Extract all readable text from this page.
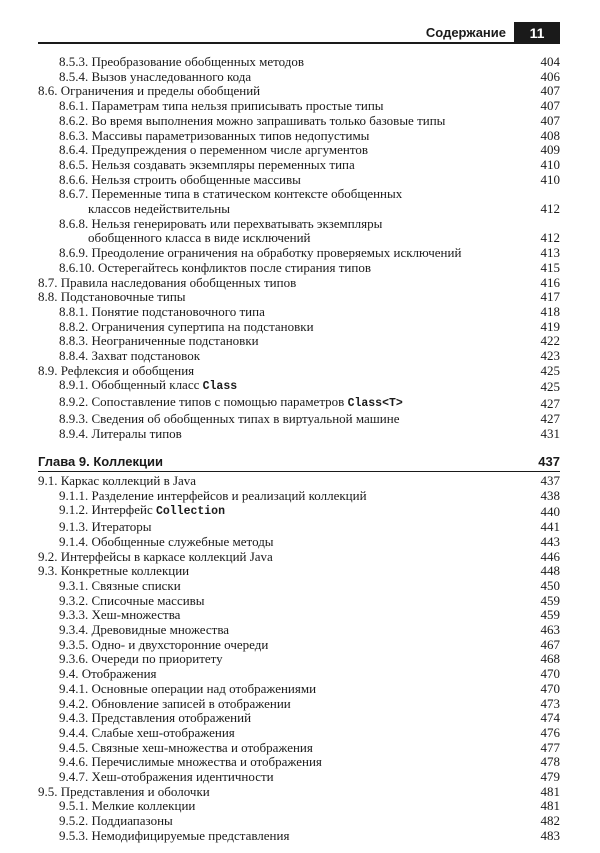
Содержание	11
8.5.3. Преобразование обобщенных методов	404
8.5.4. Вызов унаследованного кода	406
8.6. Ограничения и пределы обобщений	407
8.6.1. Параметрам типа нельзя приписывать простые типы	407
8.6.2. Во время выполнения можно запрашивать только базовые типы	407
8.6.3. Массивы параметризованных типов недопустимы	408
8.6.4. Предупреждения о переменном числе аргументов	409
8.6.5. Нельзя создавать экземпляры переменных типа	410
8.6.6. Нельзя строить обобщенные массивы	410
8.6.7. Переменные типа в статическом контексте обобщенных
классов недействительны	412
8.6.8. Нельзя генерировать или перехватывать экземпляры
обобщенного класса в виде исключений	412
8.6.9. Преодоление ограничения на обработку проверяемых исключений	413
8.6.10. Остерегайтесь конфликтов после стирания типов	415
8.7. Правила наследования обобщенных типов	416
8.8. Подстановочные типы	417
8.8.1. Понятие подстановочного типа	418
8.8.2. Ограничения супертипа на подстановки	419
8.8.3. Неограниченные подстановки	422
8.8.4. Захват подстановок	423
8.9. Рефлексия и обобщения	425
8.9.1. Обобщенный класс Class	425
8.9.2. Сопоставление типов с помощью параметров Class<T>	427
8.9.3. Сведения об обобщенных типах в виртуальной машине	427
8.9.4. Литералы типов	431
Глава 9. Коллекции	437
9.1. Каркас коллекций в Java	437
9.1.1. Разделение интерфейсов и реализаций коллекций	438
9.1.2. Интерфейс Collection	440
9.1.3. Итераторы	441
9.1.4. Обобщенные служебные методы	443
9.2. Интерфейсы в каркасе коллекций Java	446
9.3. Конкретные коллекции	448
9.3.1. Связные списки	450
9.3.2. Списочные массивы	459
9.3.3. Хеш-множества	459
9.3.4. Древовидные множества	463
9.3.5. Одно- и двухсторонние очереди	467
9.3.6. Очереди по приоритету	468
9.4. Отображения	470
9.4.1. Основные операции над отображениями	470
9.4.2. Обновление записей в отображении	473
9.4.3. Представления отображений	474
9.4.4. Слабые хеш-отображения	476
9.4.5. Связные хеш-множества и отображения	477
9.4.6. Перечислимые множества и отображения	478
9.4.7. Хеш-отображения идентичности	479
9.5. Представления и оболочки	481
9.5.1. Мелкие коллекции	481
9.5.2. Поддиапазоны	482
9.5.3. Немодифицируемые представления	483
